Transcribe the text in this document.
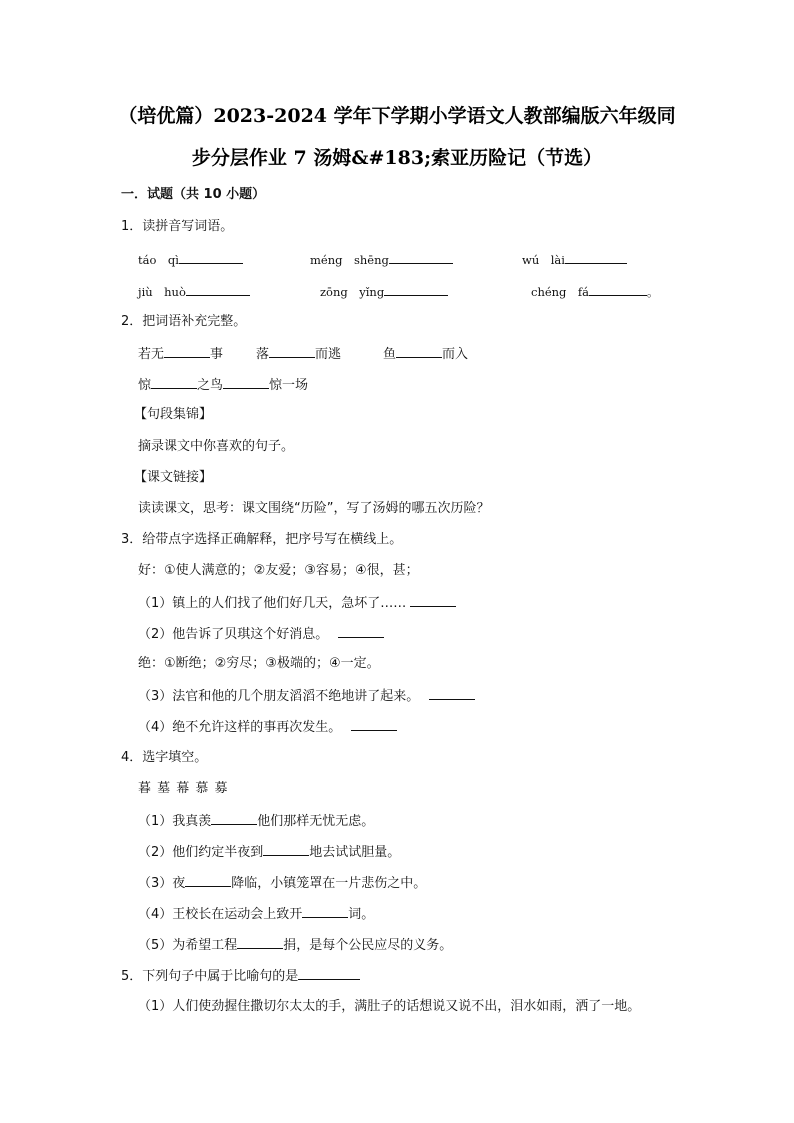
（培优篇）2023-2024 学年下学期小学语文人教部编版六年级同
步分层作业 7 汤姆&#183;索亚历险记（节选）
一．试题（共 10 小题）
1．读拼音写词语。
táo　qì	méng　shēng	wú　lài
jiù　huò	zōng　yǐng	chéng　fá	。
2．把词语补充完整。
若无	事	落	而逃	鱼	而入
惊	之鸟	惊一场
【句段集锦】
摘录课文中你喜欢的句子。
【课文链接】
读读课文，思考：课文围绕“历险”，写了汤姆的哪五次历险？
3．给带点字选择正确解释，把序号写在横线上。
好：①使人满意的；②友爱；③容易；④很，甚；
（1）镇上的人们找了他们好几天，急坏了……
（2）他告诉了贝琪这个好消息。
绝：①断绝；②穷尽；③极端的；④一定。
（3）法官和他的几个朋友滔滔不绝地讲了起来。
（4）绝不允许这样的事再次发生。
4．选字填空。
暮 墓 幕 慕 募
（1）我真羡	他们那样无忧无虑。
（2）他们约定半夜到	地去试试胆量。
（3）夜	降临，小镇笼罩在一片悲伤之中。
（4）王校长在运动会上致开	词。
（5）为希望工程	捐，是每个公民应尽的义务。
5．下列句子中属于比喻句的是
（1）人们使劲握住撒切尔太太的手，满肚子的话想说又说不出，泪水如雨，洒了一地。
